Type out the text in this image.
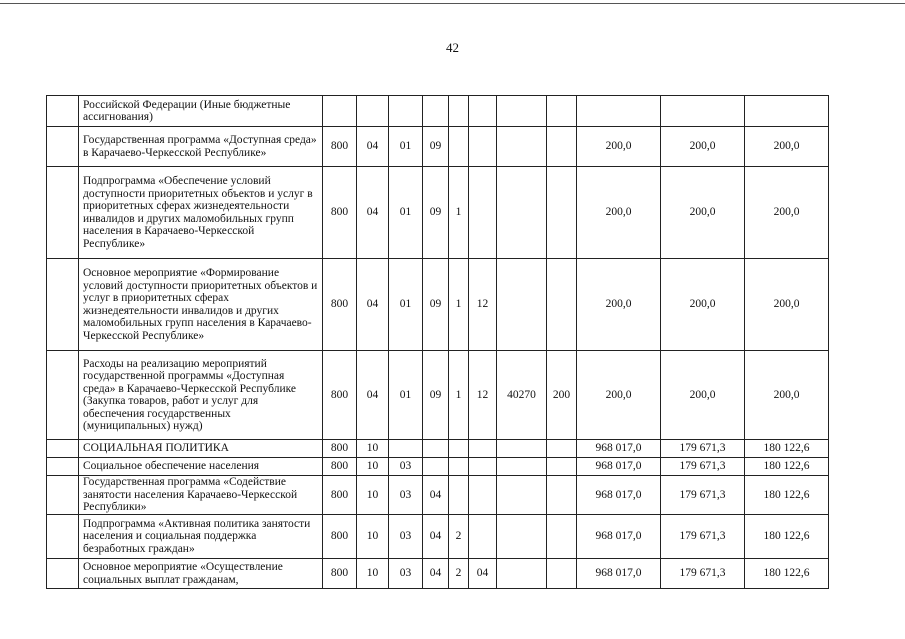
42
	Российской Федерации (Иные бюджетные ассигнования)											
	Государственная программа «Доступная среда» в Карачаево-Черкесской Республике»	800	04	01	09					200,0	200,0	200,0
	Подпрограмма «Обеспечение условий доступности приоритетных объектов и услуг в приоритетных сферах жизнедеятельности инвалидов и других маломобильных групп населения в Карачаево-Черкесской Республике»	800	04	01	09	1				200,0	200,0	200,0
	Основное мероприятие «Формирование условий доступности приоритетных объектов и услуг в приоритетных сферах жизнедеятельности инвалидов и других маломобильных групп населения в Карачаево-Черкесской Республике»	800	04	01	09	1	12			200,0	200,0	200,0
	Расходы на реализацию мероприятий государственной программы «Доступная среда» в Карачаево-Черкесской Республике (Закупка товаров, работ и услуг для обеспечения государственных (муниципальных) нужд)	800	04	01	09	1	12	40270	200	200,0	200,0	200,0
	СОЦИАЛЬНАЯ ПОЛИТИКА	800	10							968 017,0	179 671,3	180 122,6
	Социальное обеспечение населения	800	10	03						968 017,0	179 671,3	180 122,6
	Государственная программа «Содействие занятости населения Карачаево-Черкесской Республики»	800	10	03	04					968 017,0	179 671,3	180 122,6
	Подпрограмма «Активная политика занятости населения и социальная поддержка безработных граждан»	800	10	03	04	2				968 017,0	179 671,3	180 122,6
	Основное мероприятие «Осуществление социальных выплат гражданам,	800	10	03	04	2	04			968 017,0	179 671,3	180 122,6
